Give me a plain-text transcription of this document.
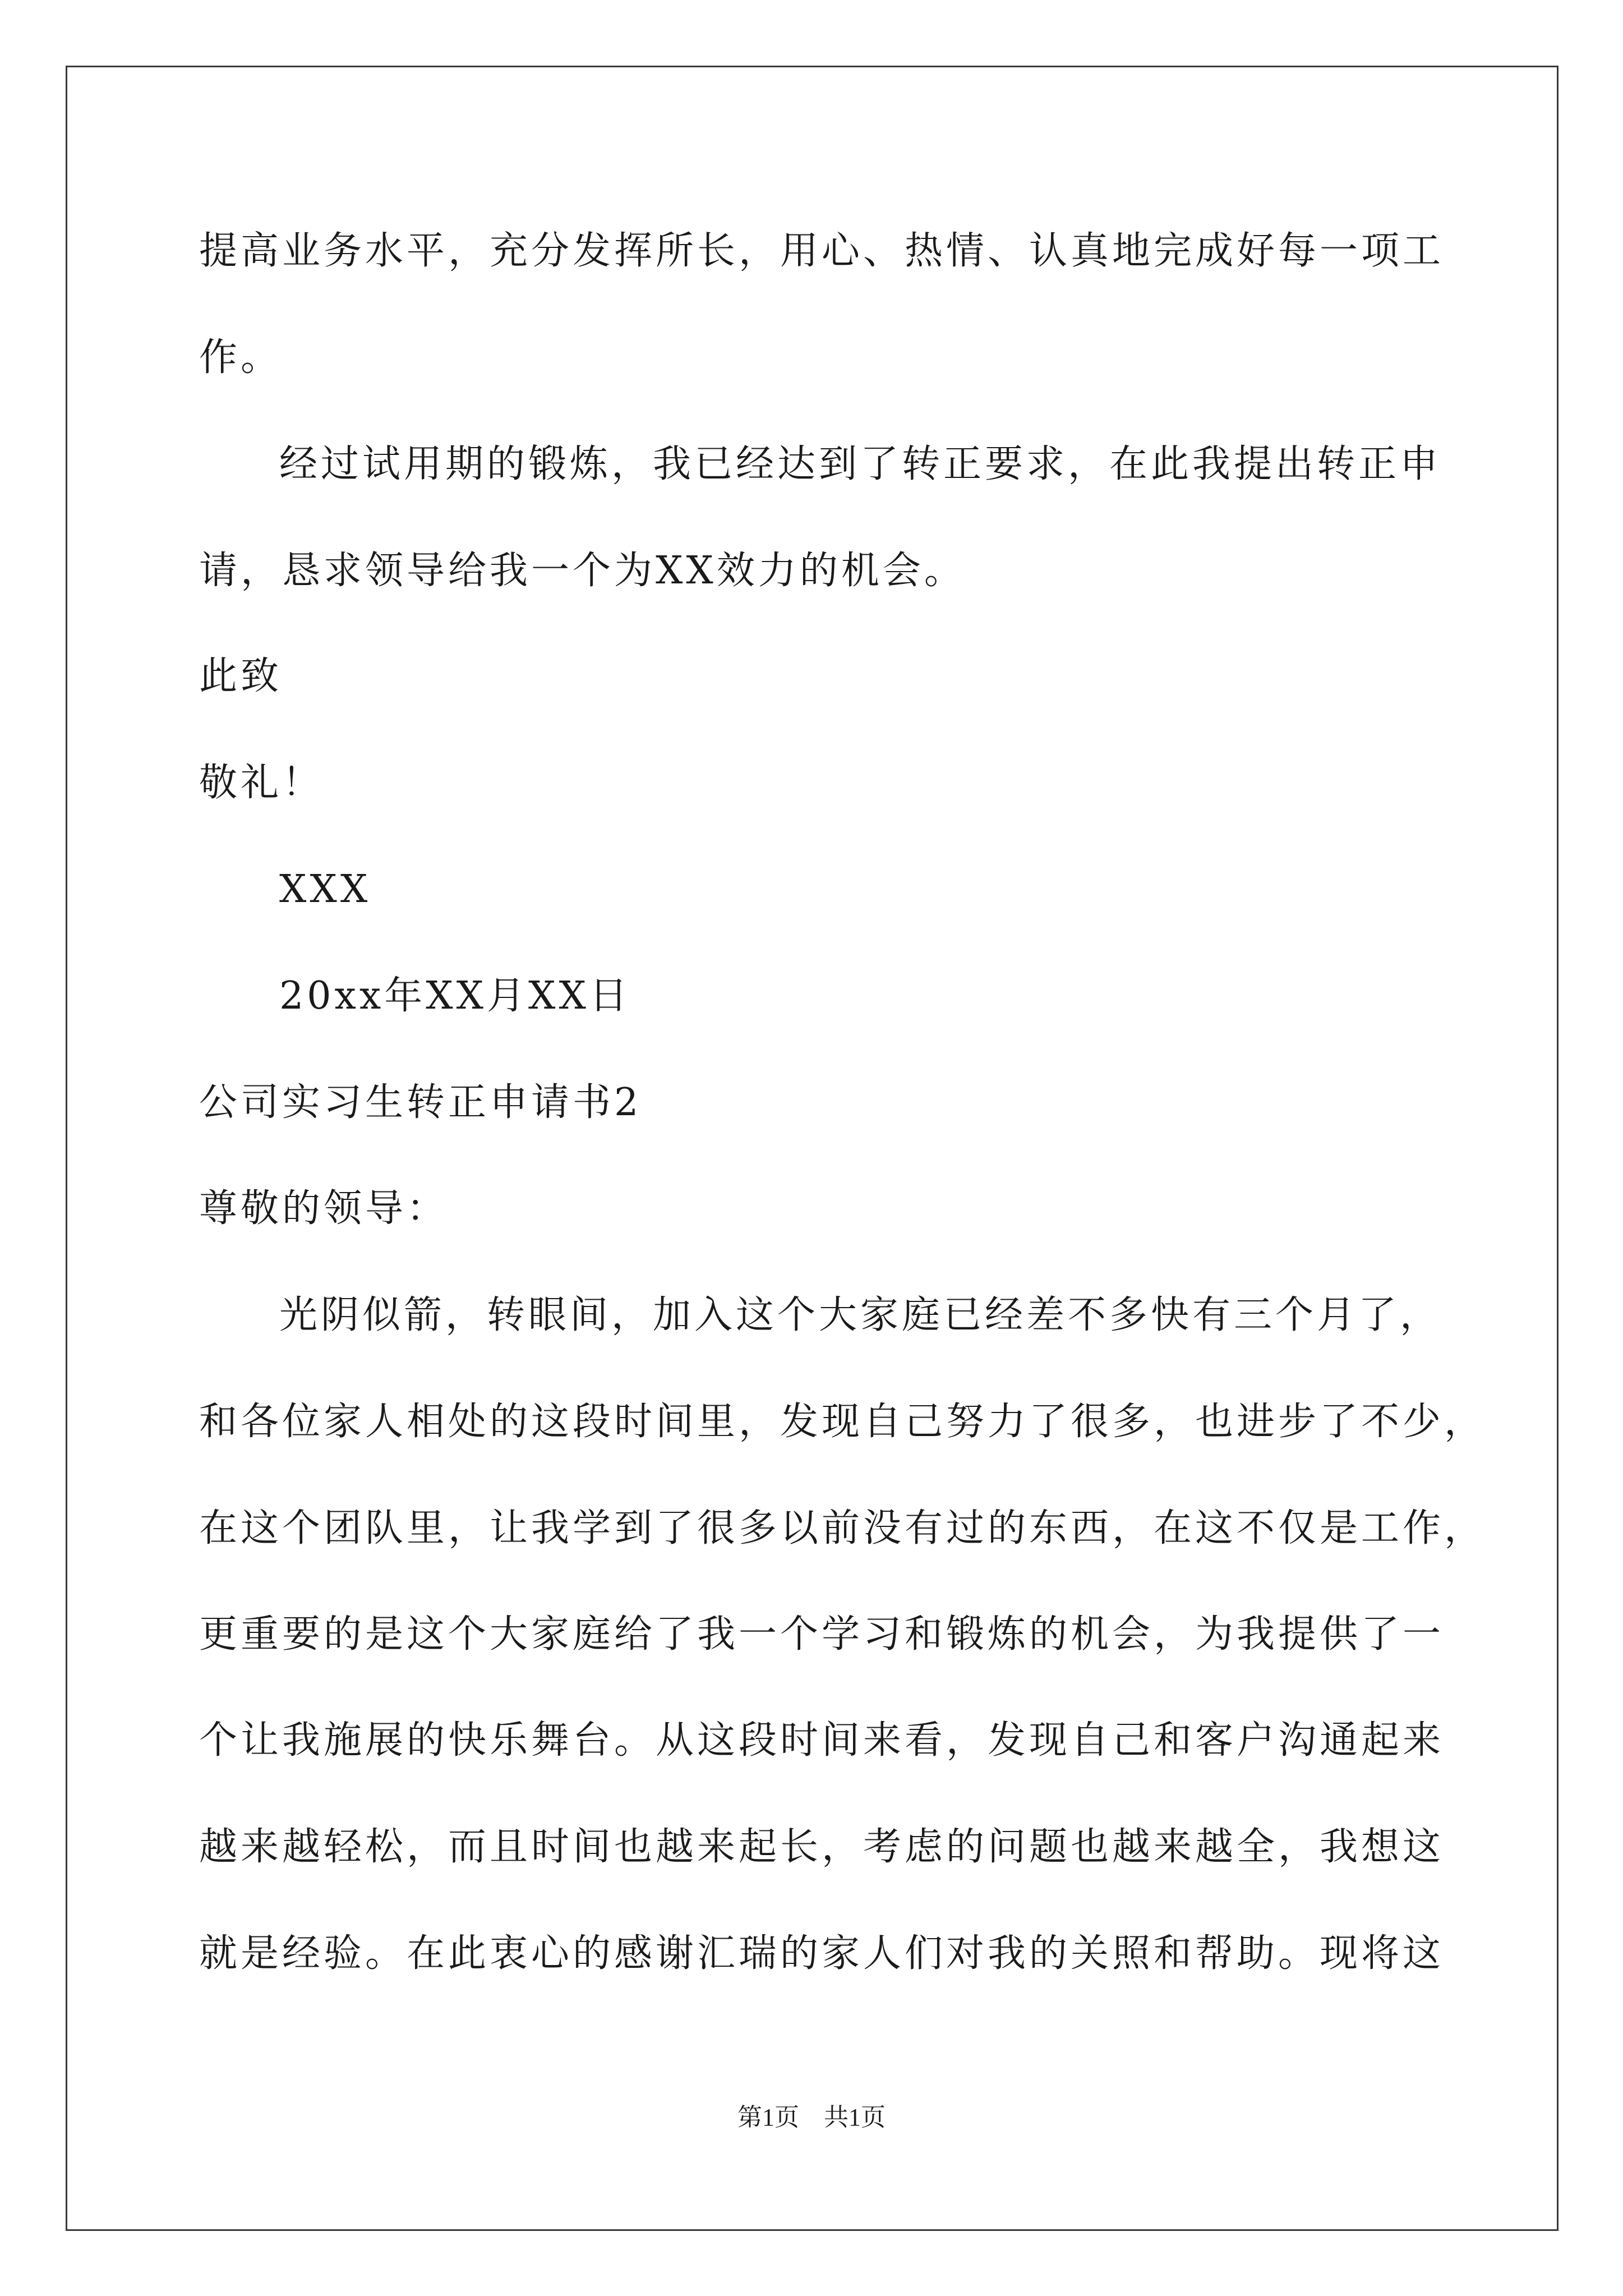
提高业务水平，充分发挥所长，用心、热情、认真地完成好每一项工
作。
经过试用期的锻炼，我已经达到了转正要求，在此我提出转正申
请，恳求领导给我一个为XX效力的机会。
此致
敬礼！
XXX
20xx年XX月XX日
公司实习生转正申请书2
尊敬的领导：
光阴似箭，转眼间，加入这个大家庭已经差不多快有三个月了，
和各位家人相处的这段时间里，发现自己努力了很多，也进步了不少，
在这个团队里，让我学到了很多以前没有过的东西，在这不仅是工作，
更重要的是这个大家庭给了我一个学习和锻炼的机会，为我提供了一
个让我施展的快乐舞台。从这段时间来看，发现自己和客户沟通起来
越来越轻松，而且时间也越来起长，考虑的问题也越来越全，我想这
就是经验。在此衷心的感谢汇瑞的家人们对我的关照和帮助。现将这
第1页　共1页
